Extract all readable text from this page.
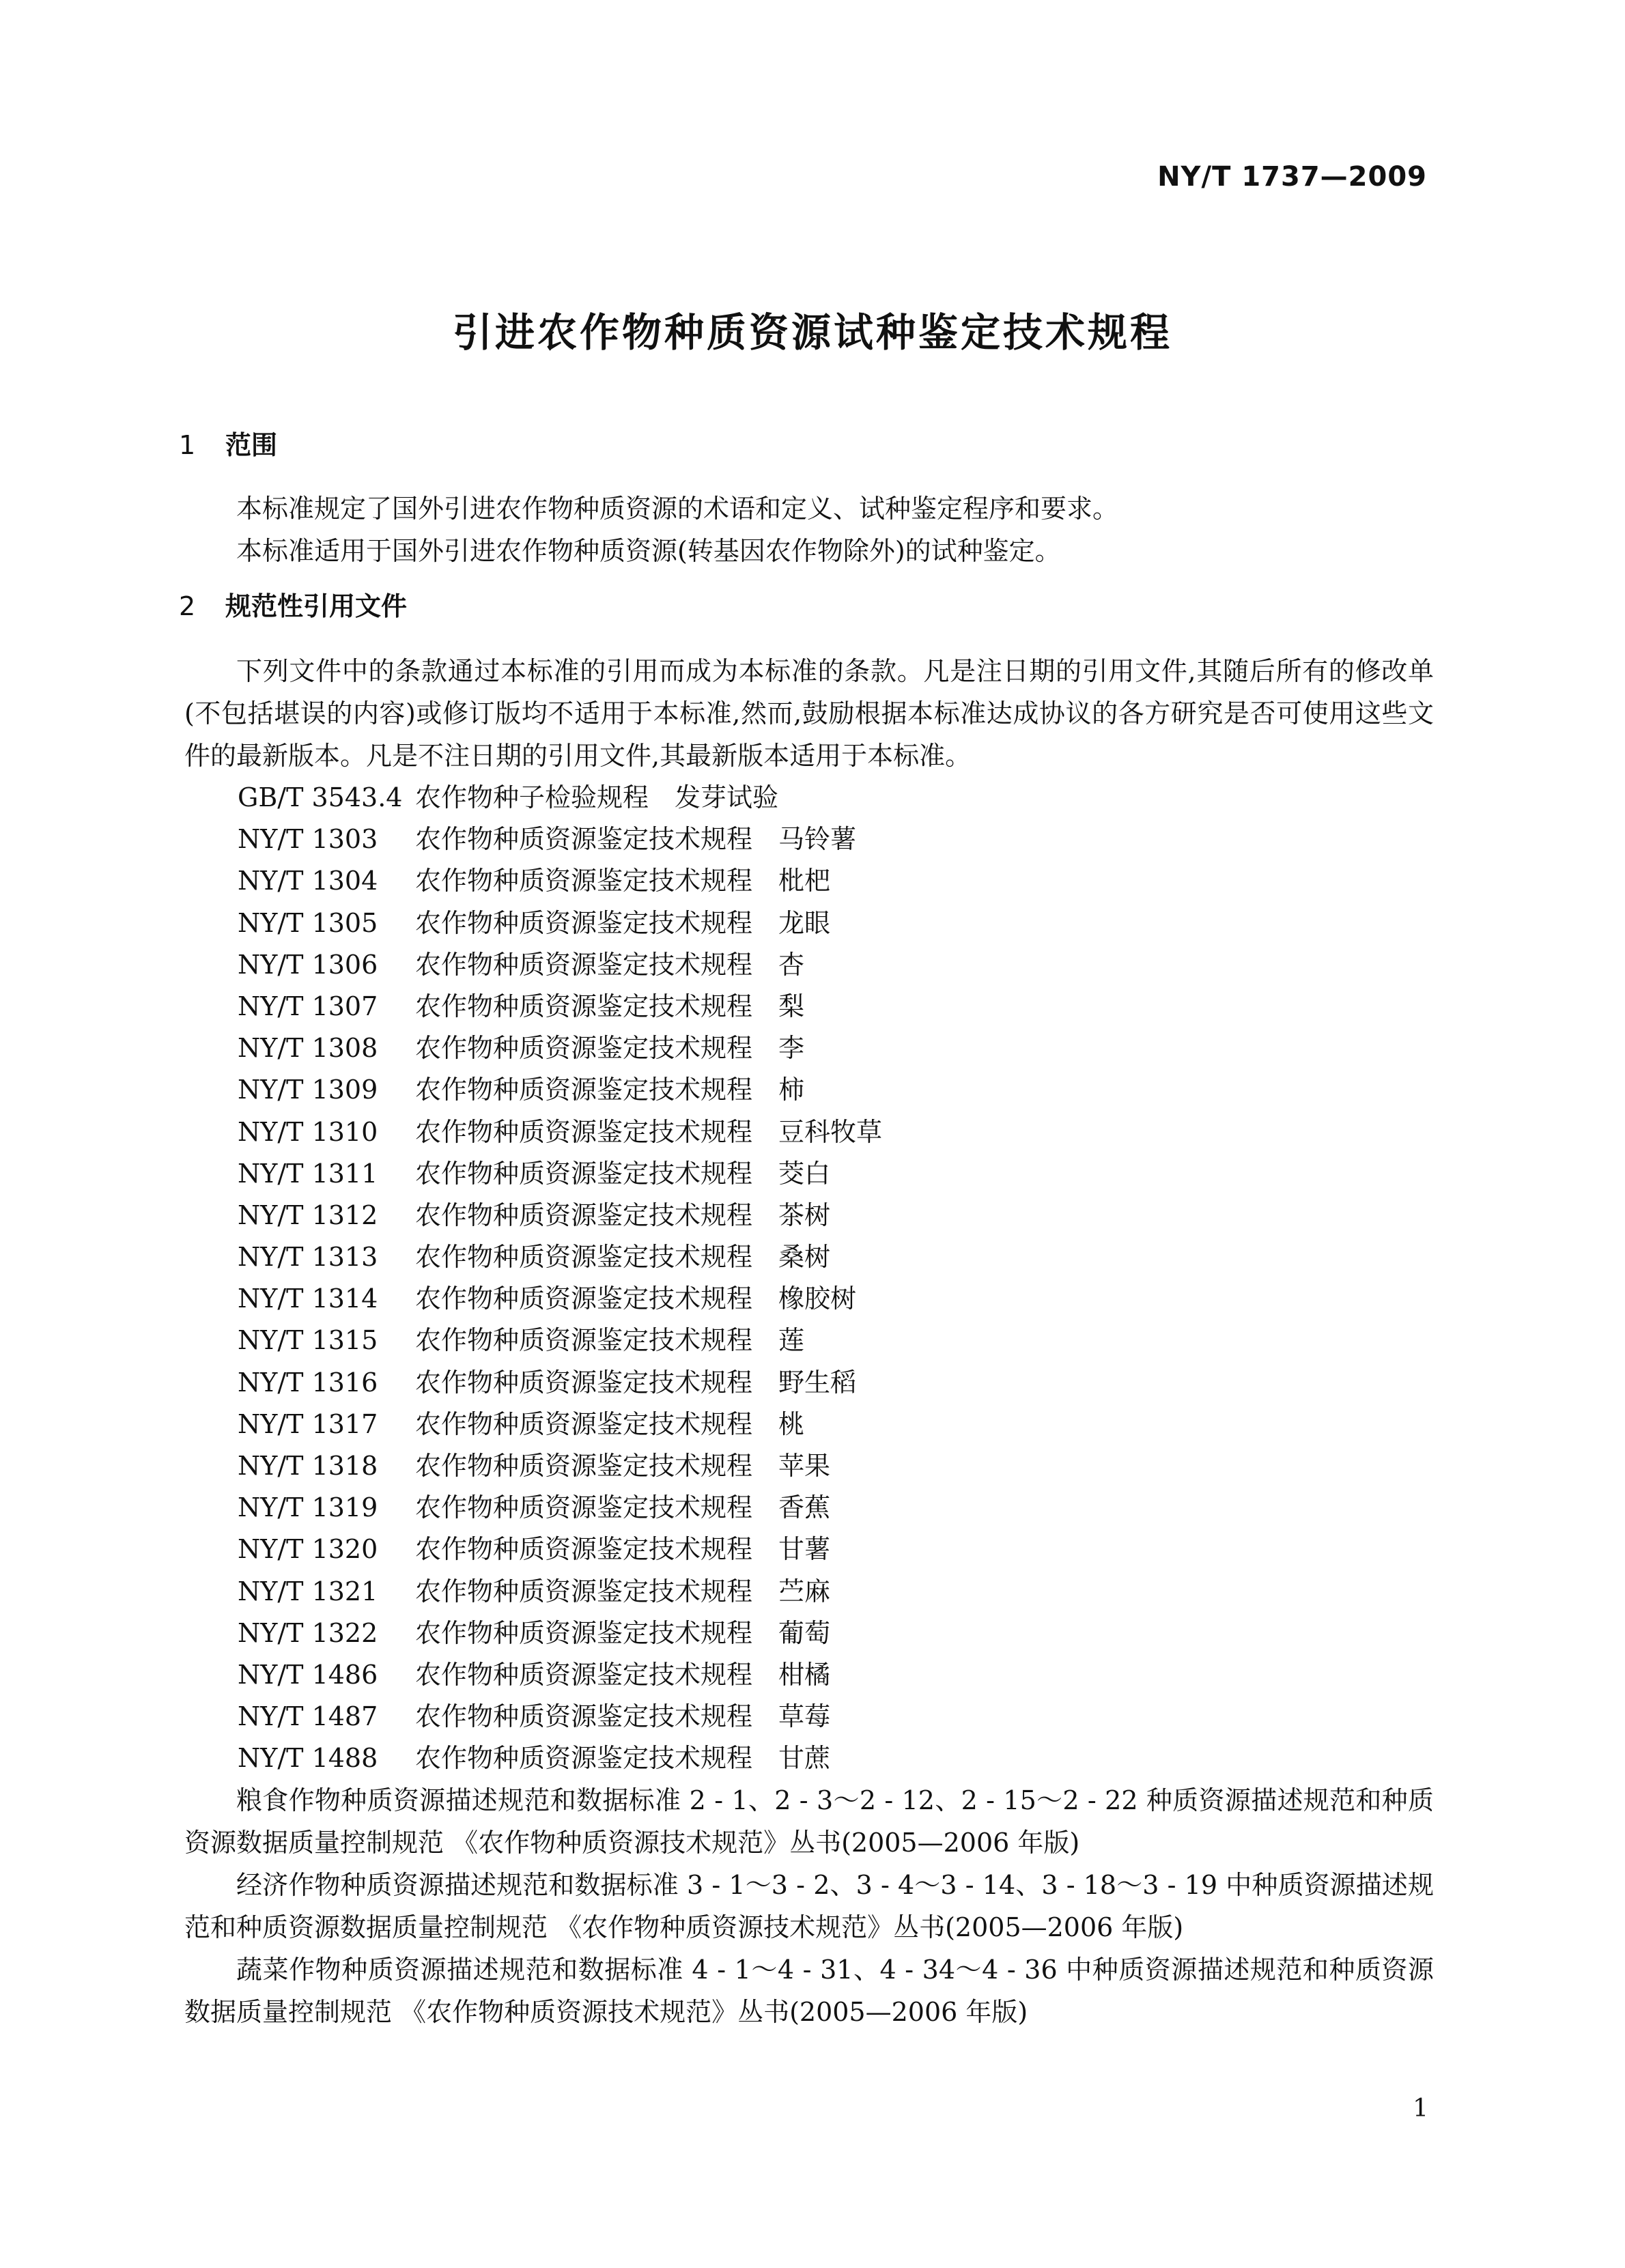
NY/T 1737—2009
引进农作物种质资源试种鉴定技术规程
1 范围

本标准规定了国外引进农作物种质资源的术语和定义、试种鉴定程序和要求。

本标准适用于国外引进农作物种质资源(转基因农作物除外)的试种鉴定。

2 规范性引用文件

下列文件中的条款通过本标准的引用而成为本标准的条款。凡是注日期的引用文件,其随后所有的修改单(不包括堪误的内容)或修订版均不适用于本标准,然而,鼓励根据本标准达成协议的各方研究是否可使用这些文件的最新版本。凡是不注日期的引用文件,其最新版本适用于本标准。

GB/T 3543.4 农作物种子检验规程 发芽试验
NY/T 1303 农作物种质资源鉴定技术规程 马铃薯
NY/T 1304 农作物种质资源鉴定技术规程 枇杷
NY/T 1305 农作物种质资源鉴定技术规程 龙眼
NY/T 1306 农作物种质资源鉴定技术规程 杏
NY/T 1307 农作物种质资源鉴定技术规程 梨
NY/T 1308 农作物种质资源鉴定技术规程 李
NY/T 1309 农作物种质资源鉴定技术规程 柿
NY/T 1310 农作物种质资源鉴定技术规程 豆科牧草
NY/T 1311 农作物种质资源鉴定技术规程 茭白
NY/T 1312 农作物种质资源鉴定技术规程 茶树
NY/T 1313 农作物种质资源鉴定技术规程 桑树
NY/T 1314 农作物种质资源鉴定技术规程 橡胶树
NY/T 1315 农作物种质资源鉴定技术规程 莲
NY/T 1316 农作物种质资源鉴定技术规程 野生稻
NY/T 1317 农作物种质资源鉴定技术规程 桃
NY/T 1318 农作物种质资源鉴定技术规程 苹果
NY/T 1319 农作物种质资源鉴定技术规程 香蕉
NY/T 1320 农作物种质资源鉴定技术规程 甘薯
NY/T 1321 农作物种质资源鉴定技术规程 苎麻
NY/T 1322 农作物种质资源鉴定技术规程 葡萄
NY/T 1486 农作物种质资源鉴定技术规程 柑橘
NY/T 1487 农作物种质资源鉴定技术规程 草莓
NY/T 1488 农作物种质资源鉴定技术规程 甘蔗

粮食作物种质资源描述规范和数据标准 2 - 1、2 - 3～2 - 12、2 - 15～2 - 22 种质资源描述规范和种质资源数据质量控制规范 《农作物种质资源技术规范》丛书(2005—2006 年版)

经济作物种质资源描述规范和数据标准 3 - 1～3 - 2、3 - 4～3 - 14、3 - 18～3 - 19 中种质资源描述规范和种质资源数据质量控制规范 《农作物种质资源技术规范》丛书(2005—2006 年版)

蔬菜作物种质资源描述规范和数据标准 4 - 1～4 - 31、4 - 34～4 - 36 中种质资源描述规范和种质资源数据质量控制规范 《农作物种质资源技术规范》丛书(2005—2006 年版)

1
